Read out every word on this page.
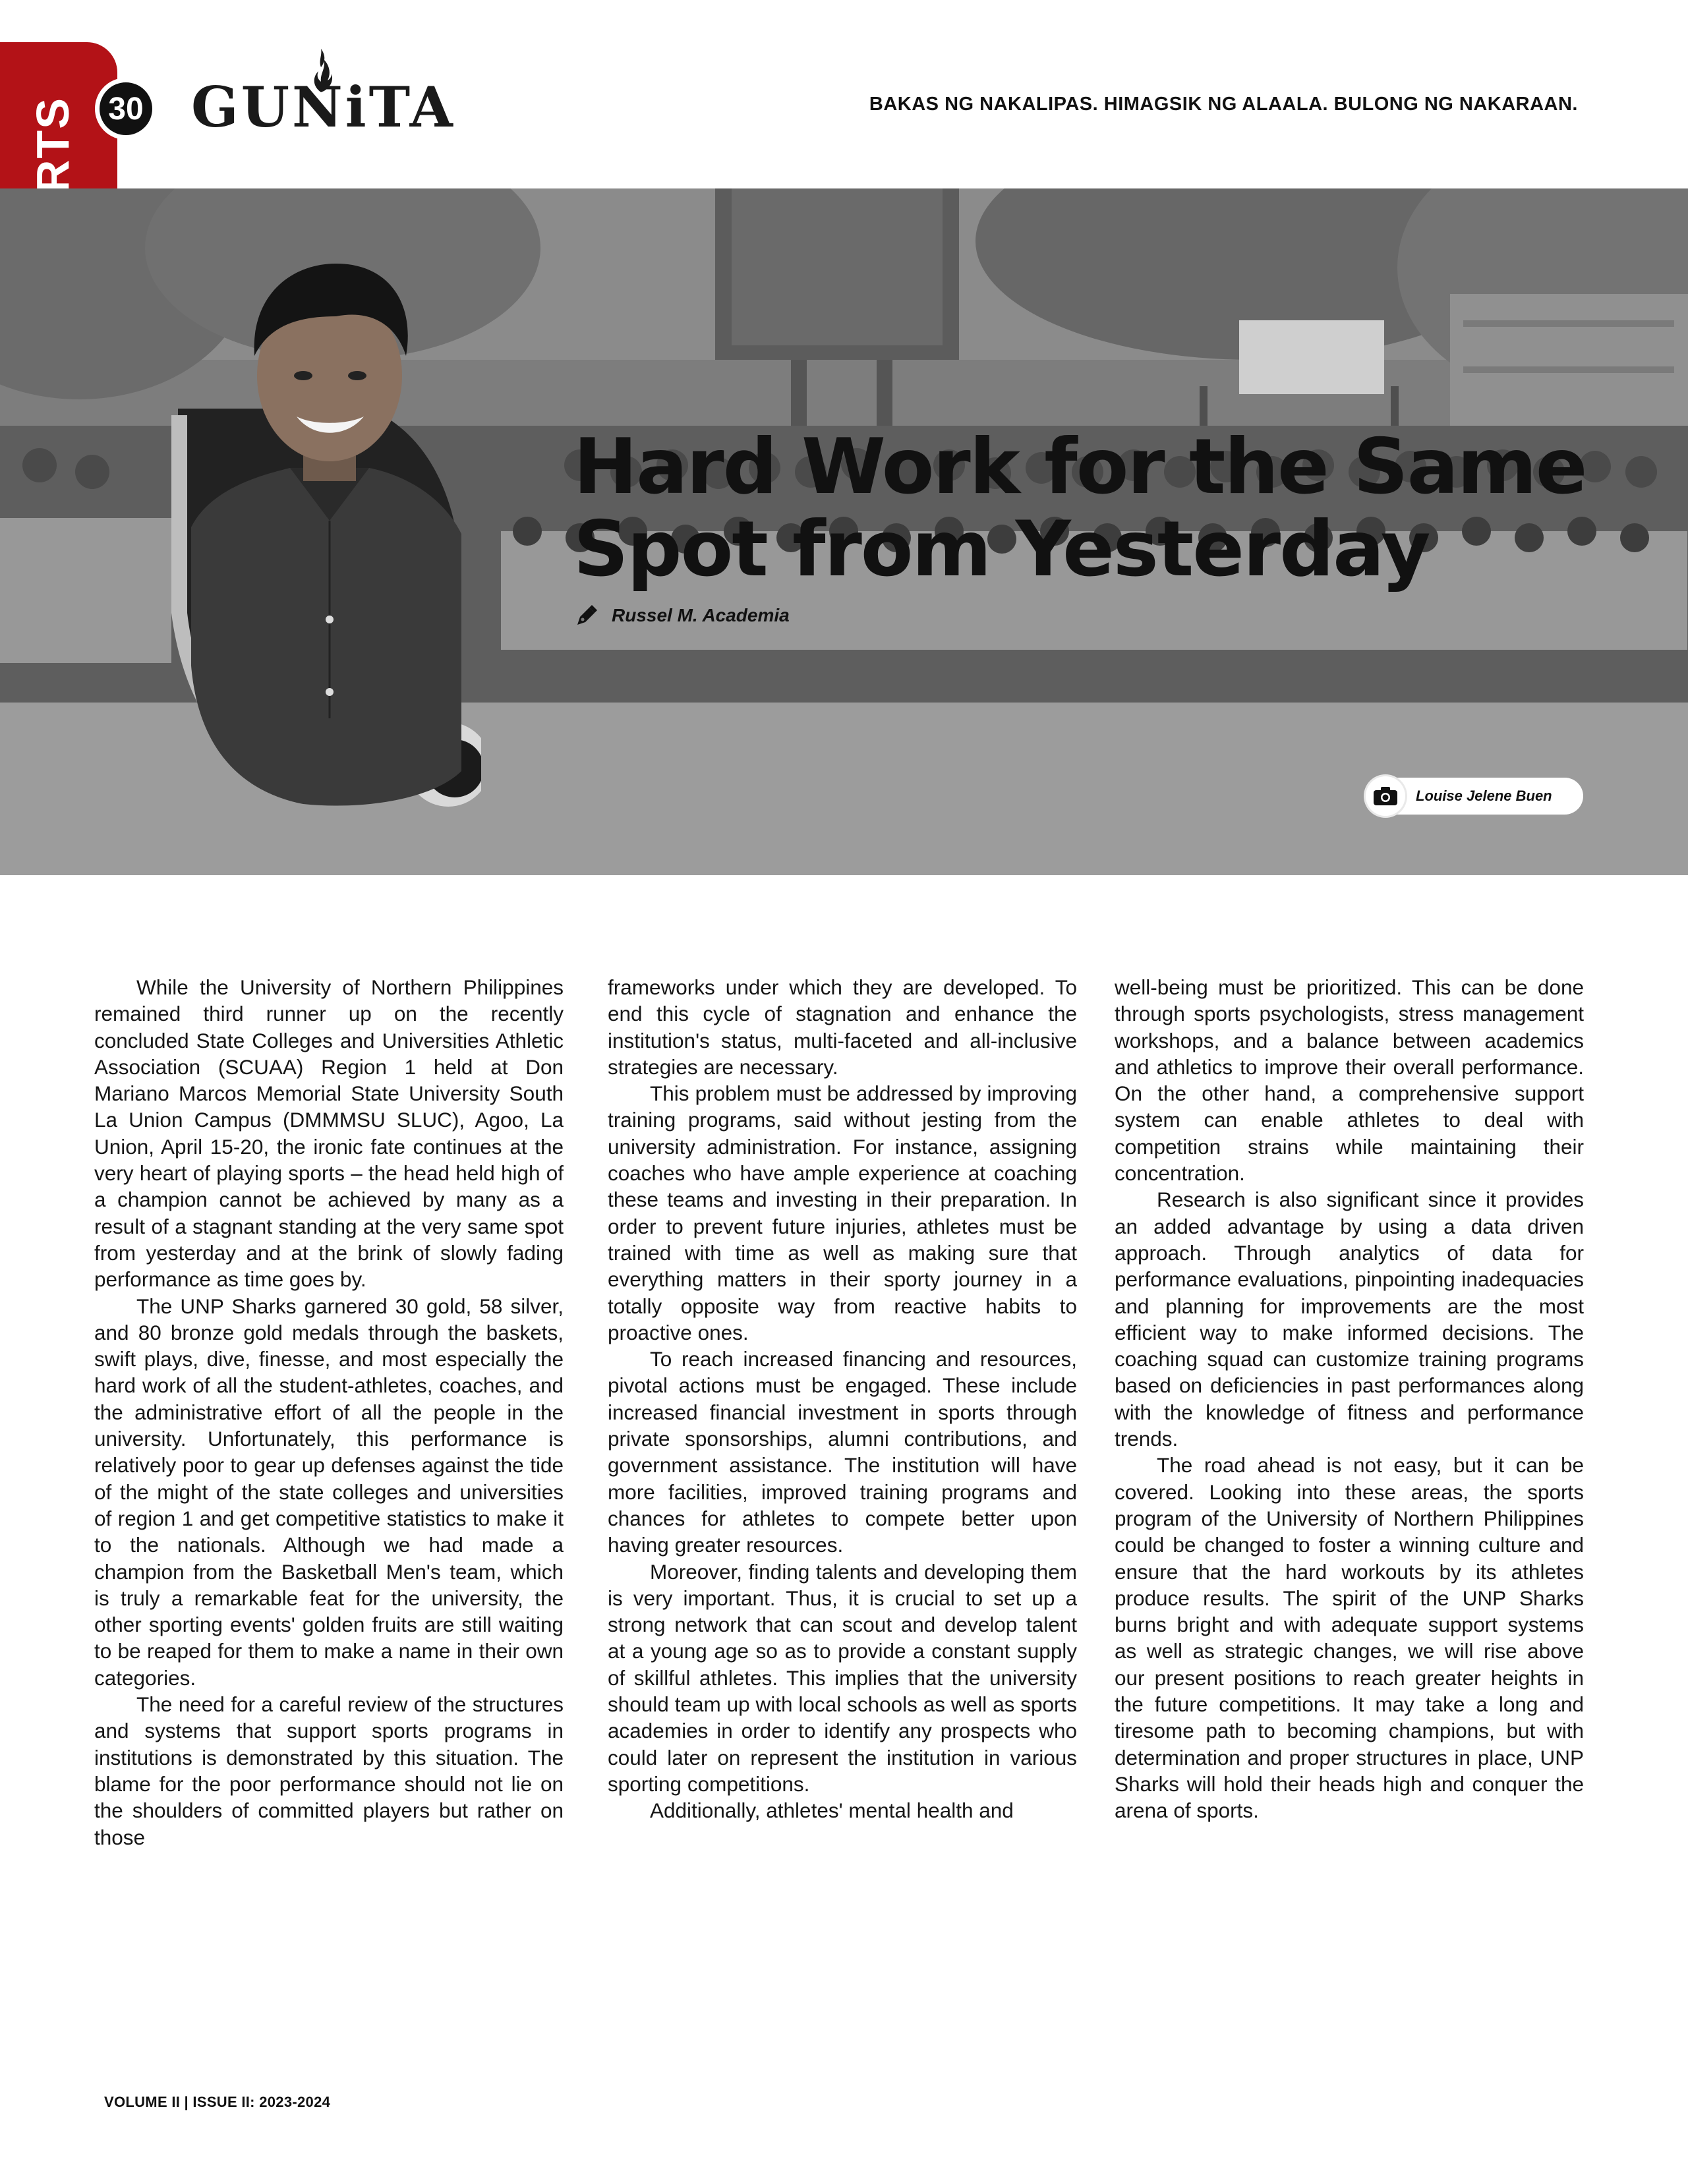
30 GUNiTA	BAKAS NG NAKALIPAS. HIMAGSIK NG ALAALA. BULONG NG NAKARAAN.
Hard Work for the Same Spot from Yesterday
Russel M. Academia
Louise Jelene Buen

While the University of Northern Philippines remained third runner up on the recently concluded State Colleges and Universities Athletic Association (SCUAA) Region 1 held at Don Mariano Marcos Memorial State University South La Union Campus (DMMMSU SLUC), Agoo, La Union, April 15-20, the ironic fate continues at the very heart of playing sports – the head held high of a champion cannot be achieved by many as a result of a stagnant standing at the very same spot from yesterday and at the brink of slowly fading performance as time goes by.

The UNP Sharks garnered 30 gold, 58 silver, and 80 bronze gold medals through the baskets, swift plays, dive, finesse, and most especially the hard work of all the student-athletes, coaches, and the administrative effort of all the people in the university. Unfortunately, this performance is relatively poor to gear up defenses against the tide of the might of the state colleges and universities of region 1 and get competitive statistics to make it to the nationals. Although we had made a champion from the Basketball Men's team, which is truly a remarkable feat for the university, the other sporting events' golden fruits are still waiting to be reaped for them to make a name in their own categories.

The need for a careful review of the structures and systems that support sports programs in institutions is demonstrated by this situation. The blame for the poor performance should not lie on the shoulders of committed players but rather on those

frameworks under which they are developed. To end this cycle of stagnation and enhance the institution's status, multi-faceted and all-inclusive strategies are necessary.

This problem must be addressed by improving training programs, said without jesting from the university administration. For instance, assigning coaches who have ample experience at coaching these teams and investing in their preparation. In order to prevent future injuries, athletes must be trained with time as well as making sure that everything matters in their sporty journey in a totally opposite way from reactive habits to proactive ones.

To reach increased financing and resources, pivotal actions must be engaged. These include increased financial investment in sports through private sponsorships, alumni contributions, and government assistance. The institution will have more facilities, improved training programs and chances for athletes to compete better upon having greater resources.

Moreover, finding talents and developing them is very important. Thus, it is crucial to set up a strong network that can scout and develop talent at a young age so as to provide a constant supply of skillful athletes. This implies that the university should team up with local schools as well as sports academies in order to identify any prospects who could later on represent the institution in various sporting competitions.

Additionally, athletes' mental health and

well-being must be prioritized. This can be done through sports psychologists, stress management workshops, and a balance between academics and athletics to improve their overall performance. On the other hand, a comprehensive support system can enable athletes to deal with competition strains while maintaining their concentration.

Research is also significant since it provides an added advantage by using a data driven approach. Through analytics of data for performance evaluations, pinpointing inadequacies and planning for improvements are the most efficient way to make informed decisions. The coaching squad can customize training programs based on deficiencies in past performances along with the knowledge of fitness and performance trends.

The road ahead is not easy, but it can be covered. Looking into these areas, the sports program of the University of Northern Philippines could be changed to foster a winning culture and ensure that the hard workouts by its athletes produce results. The spirit of the UNP Sharks burns bright and with adequate support systems as well as strategic changes, we will rise above our present positions to reach greater heights in the future competitions. It may take a long and tiresome path to becoming champions, but with determination and proper structures in place, UNP Sharks will hold their heads high and conquer the arena of sports.

VOLUME II | ISSUE II: 2023-2024
